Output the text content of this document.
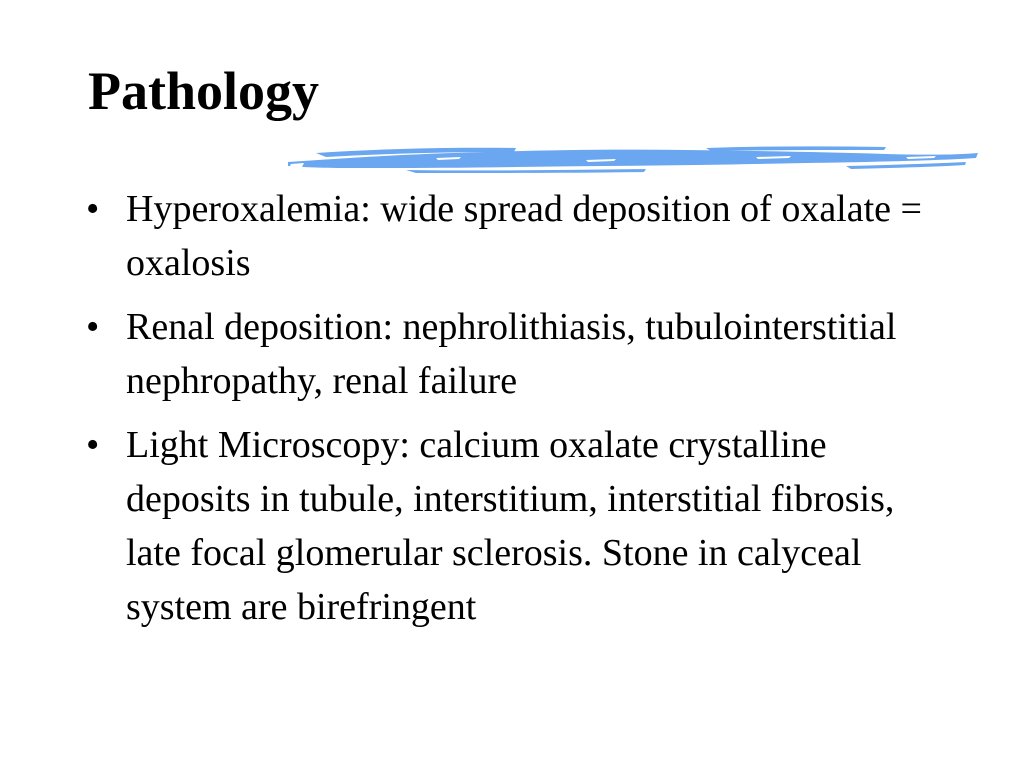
Pathology
• Hyperoxalemia: wide spread deposition of oxalate = oxalosis
• Renal deposition: nephrolithiasis, tubulointerstitial nephropathy, renal failure
• Light Microscopy: calcium oxalate crystalline deposits in tubule, interstitium, interstitial fibrosis, late focal glomerular sclerosis. Stone in calyceal system are birefringent
